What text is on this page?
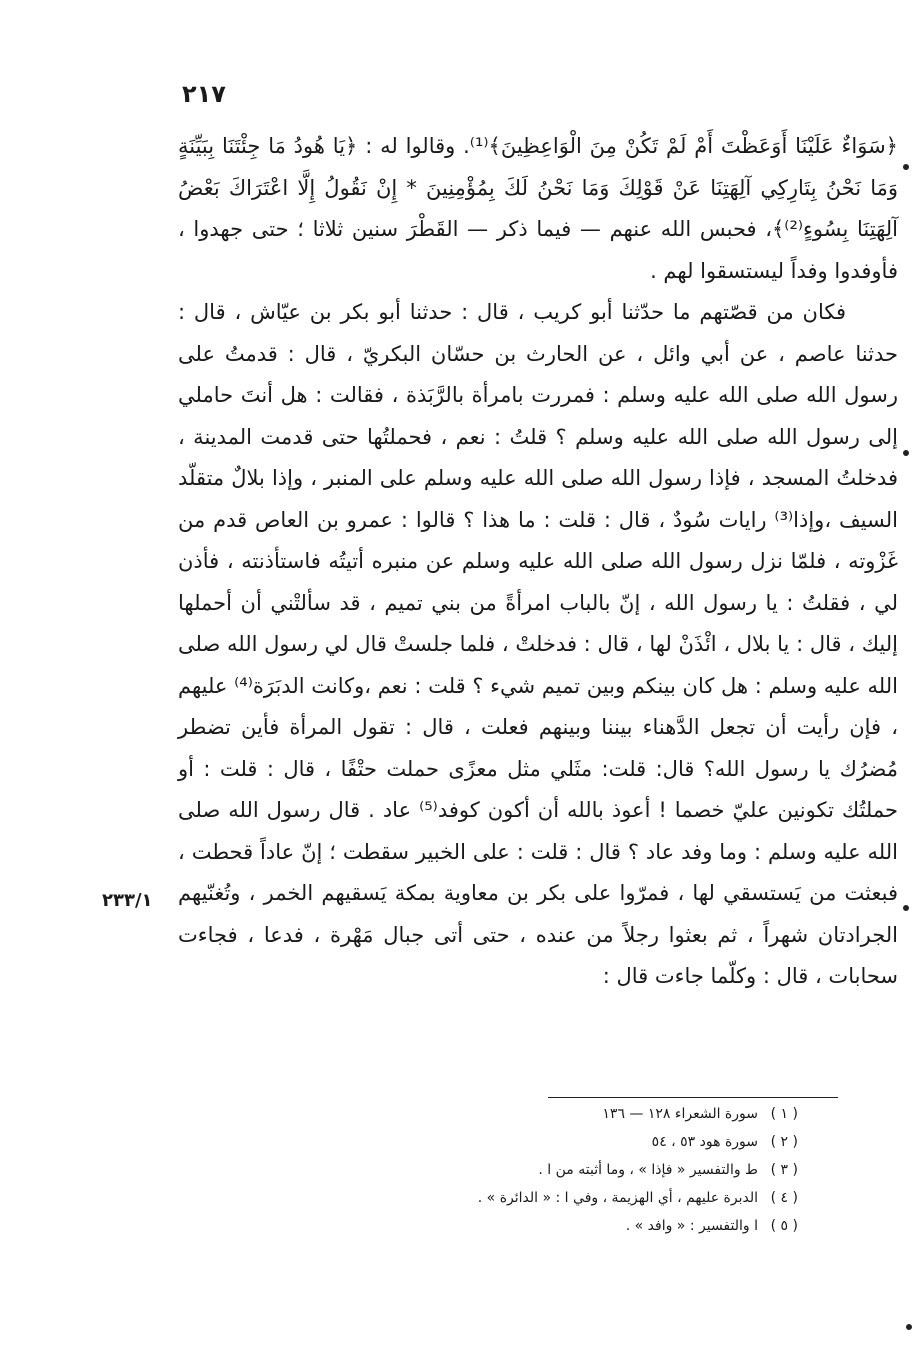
٢١٧

﴿سَوَاءٌ عَلَيْنَا أَوَعَظْتَ أَمْ لَمْ تَكُنْ مِنَ الْوَاعِظِينَ﴾⁽¹⁾. وقالوا له : ﴿يَا هُودُ مَا جِئْتَنَا بِبَيِّنَةٍ وَمَا نَحْنُ بِتَارِكِي آلِهَتِنَا عَنْ قَوْلِكَ وَمَا نَحْنُ لَكَ بِمُؤْمِنِينَ * إِنْ نَقُولُ إِلَّا اعْتَرَاكَ بَعْضُ آلِهَتِنَا بِسُوءٍ⁽²⁾﴾، فحبس الله عنهم — فيما ذكر — القَطْرَ سنين ثلاثا ؛ حتى جهدوا ، فأوفدوا وفداً ليستسقوا لهم .

فكان من قصّتهم ما حدّثنا أبو كريب ، قال : حدثنا أبو بكر بن عيّاش ، قال : حدثنا عاصم ، عن أبي وائل ، عن الحارث بن حسّان البكريّ ، قال : قدمتُ على رسول الله صلى الله عليه وسلم : فمررت بامرأة بالرَّبَذة ، فقالت : هل أنتَ حاملي إلى رسول الله صلى الله عليه وسلم ؟ قلتُ : نعم ، فحملتُها حتى قدمت المدينة ، فدخلتُ المسجد ، فإذا رسول الله صلى الله عليه وسلم على المنبر ، وإذا بلالٌ متقلّد السيف ،وإذا⁽³⁾ رايات سُودٌ ، قال : قلت : ما هذا ؟ قالوا : عمرو بن العاص قدم من غَزْوته ، فلمّا نزل رسول الله صلى الله عليه وسلم عن منبره أتيتُه فاستأذنته ، فأذن لي ، فقلتُ : يا رسول الله ، إنّ بالباب امرأةً من بني تميم ، قد سألتْني أن أحملها إليك ، قال : يا بلال ، ائْذَنْ لها ، قال : فدخلتْ ، فلما جلستْ قال لي رسول الله صلى الله عليه وسلم : هل كان بينكم وبين تميم شيء ؟ قلت : نعم ،وكانت الدبَرَة⁽⁴⁾ عليهم ، فإن رأيت أن تجعل الدَّهناء بيننا وبينهم فعلت ، قال : تقول المرأة فأين تضطر مُضرُك يا رسول الله؟ قال: قلت: مثَلي مثل معزًى حملت حتْفًا ، قال : قلت : أو حملتُك تكونين عليّ خصما ! أعوذ بالله أن أكون كوفد⁽⁵⁾ عاد . قال رسول الله صلى الله عليه وسلم : وما وفد عاد ؟ قال : قلت : على الخبير سقطت ؛ إنّ عاداً قحطت ، فبعثت من يَستسقي لها ، فمرّوا على بكر بن معاوية بمكة يَسقيهم الخمر ، وتُغنّيهم الجرادتان شهراً ، ثم بعثوا رجلاً من عنده ، حتى أتى جبال مَهْرة ، فدعا ، فجاءت سحابات ، قال : وكلّما جاءت قال :

٢٣٣/١
( ١ )
سورة الشعراء ١٢٨ — ١٣٦
( ٢ )
سورة هود ٥٣ ، ٥٤
( ٣ )
ط والتفسير « فإذا » ، وما أثبته من ا .
( ٤ )
الدبرة عليهم ، أي الهزيمة ، وفي ا : « الدائرة » .
( ٥ )
ا والتفسير : « وافد » .
